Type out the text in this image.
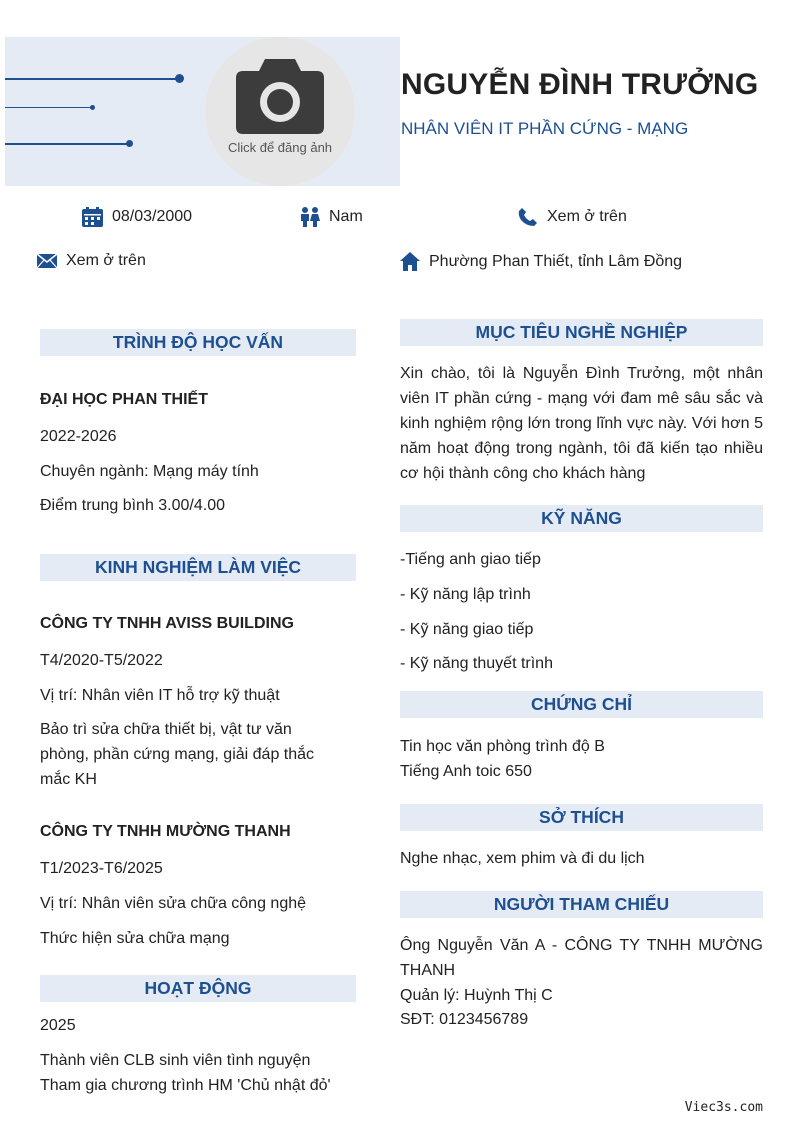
Click để đăng ảnh
NGUYỄN ĐÌNH TRƯỞNG
NHÂN VIÊN IT PHẦN CỨNG - MẠNG
08/03/2000	Nam	Xem ở trên
Xem ở trên	Phường Phan Thiết, tỉnh Lâm Đồng
TRÌNH ĐỘ HỌC VẤN
ĐẠI HỌC PHAN THIẾT
2022-2026
Chuyên ngành: Mạng máy tính
Điểm trung bình 3.00/4.00
KINH NGHIỆM LÀM VIỆC
CÔNG TY TNHH AVISS BUILDING
T4/2020-T5/2022
Vị trí: Nhân viên IT hỗ trợ kỹ thuật
Bảo trì sửa chữa thiết bị, vật tư văn phòng, phần cứng mạng, giải đáp thắc mắc KH
CÔNG TY TNHH MƯỜNG THANH
T1/2023-T6/2025
Vị trí: Nhân viên sửa chữa công nghệ
Thức hiện sửa chữa mạng
HOẠT ĐỘNG
2025
Thành viên CLB sinh viên tình nguyện
Tham gia chương trình HM 'Chủ nhật đỏ'
MỤC TIÊU NGHỀ NGHIỆP
Xin chào, tôi là Nguyễn Đình Trưởng, một nhân viên IT phần cứng - mạng với đam mê sâu sắc và kinh nghiệm rộng lớn trong lĩnh vực này. Với hơn 5 năm hoạt động trong ngành, tôi đã kiến tạo nhiều cơ hội thành công cho khách hàng
KỸ NĂNG
-Tiếng anh giao tiếp
- Kỹ năng lập trình
- Kỹ năng giao tiếp
- Kỹ năng thuyết trình
CHỨNG CHỈ
Tin học văn phòng trình độ B
Tiếng Anh toic 650
SỞ THÍCH
Nghe nhạc, xem phim và đi du lịch
NGƯỜI THAM CHIẾU
Ông Nguyễn Văn A - CÔNG TY TNHH MƯỜNG THANH
Quản lý: Huỳnh Thị C
SĐT: 0123456789
Viec3s.com
